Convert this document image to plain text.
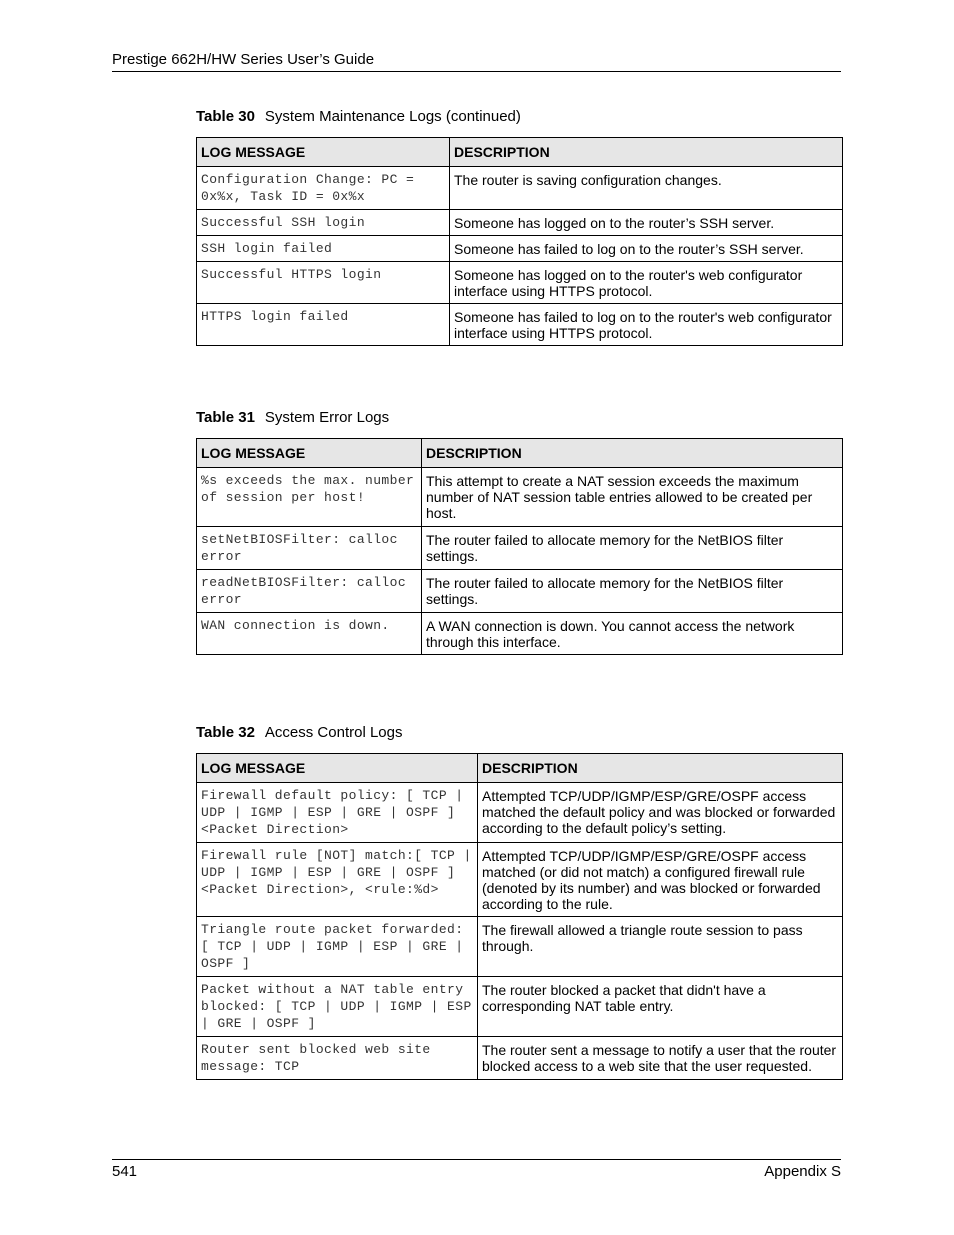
Prestige 662H/HW Series User’s Guide
Table 30 System Maintenance Logs (continued)
LOG MESSAGE	DESCRIPTION
Configuration Change: PC = 0x%x, Task ID = 0x%x	The router is saving configuration changes.
Successful SSH login	Someone has logged on to the router’s SSH server.
SSH login failed	Someone has failed to log on to the router’s SSH server.
Successful HTTPS login	Someone has logged on to the router's web configurator interface using HTTPS protocol.
HTTPS login failed	Someone has failed to log on to the router's web configurator interface using HTTPS protocol.
Table 31 System Error Logs
LOG MESSAGE	DESCRIPTION
%s exceeds the max. number of session per host!	This attempt to create a NAT session exceeds the maximum number of NAT session table entries allowed to be created per host.
setNetBIOSFilter: calloc error	The router failed to allocate memory for the NetBIOS filter settings.
readNetBIOSFilter: calloc error	The router failed to allocate memory for the NetBIOS filter settings.
WAN connection is down.	A WAN connection is down. You cannot access the network through this interface.
Table 32 Access Control Logs
LOG MESSAGE	DESCRIPTION
Firewall default policy: [ TCP | UDP | IGMP | ESP | GRE | OSPF ] <Packet Direction>	Attempted TCP/UDP/IGMP/ESP/GRE/OSPF access matched the default policy and was blocked or forwarded according to the default policy’s setting.
Firewall rule [NOT] match:[ TCP | UDP | IGMP | ESP | GRE | OSPF ] <Packet Direction>, <rule:%d>	Attempted TCP/UDP/IGMP/ESP/GRE/OSPF access matched (or did not match) a configured firewall rule (denoted by its number) and was blocked or forwarded according to the rule.
Triangle route packet forwarded: [ TCP | UDP | IGMP | ESP | GRE | OSPF ]	The firewall allowed a triangle route session to pass through.
Packet without a NAT table entry blocked: [ TCP | UDP | IGMP | ESP | GRE | OSPF ]	The router blocked a packet that didn't have a corresponding NAT table entry.
Router sent blocked web site message: TCP	The router sent a message to notify a user that the router blocked access to a web site that the user requested.
541	Appendix S
